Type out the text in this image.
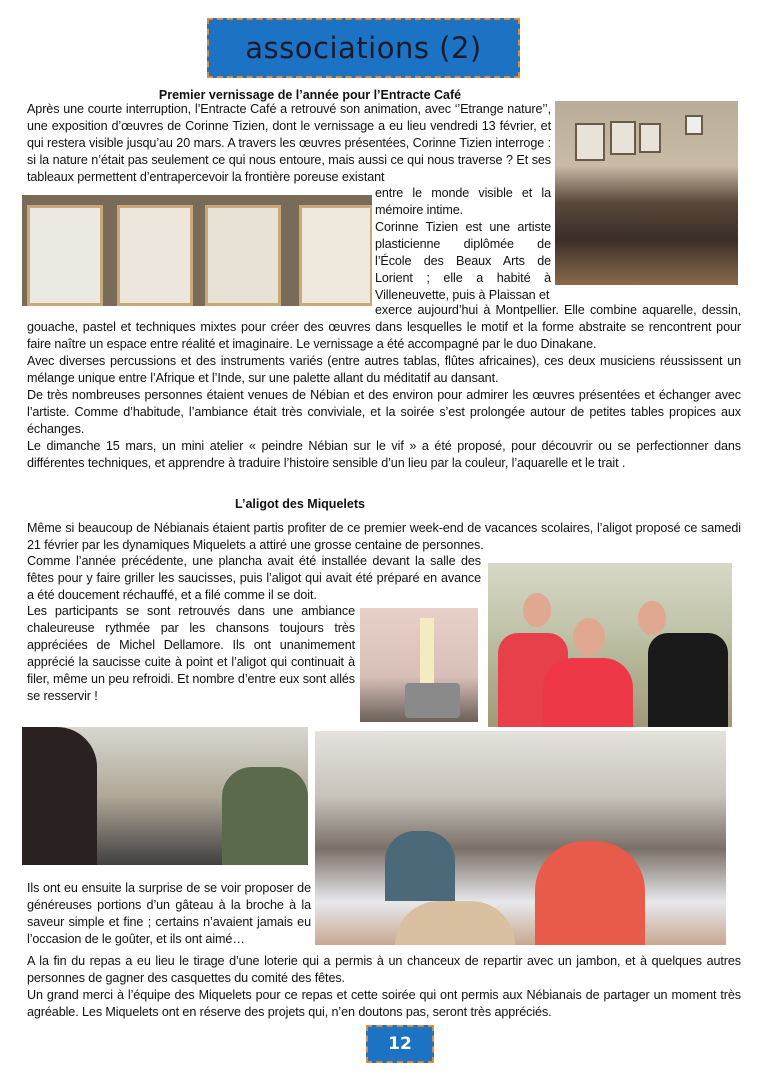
associations (2)
Premier vernissage de l’année pour l’Entracte Café
Après une courte interruption, l’Entracte Café a retrouvé son animation, avec ‘’Etrange nature’’, une exposition d’œuvres de Corinne Tizien, dont le vernissage a eu lieu vendredi 13 février, et qui restera visible jusqu’au 20 mars. A travers les œuvres présentées, Corinne Tizien interroge : si la nature n’était pas seulement ce qui nous entoure, mais aussi ce qui nous traverse ? Et ses tableaux permettent d’entrapercevoir la frontière poreuse existant

entre le monde visible et la mémoire intime.

Corinne Tizien est une artiste plasticienne diplômée de l’École des Beaux Arts de Lorient ; elle a habité à Villeneuvette, puis à Plaissan et

exerce aujourd’hui à Montpellier. Elle combine aquarelle, dessin, gouache, pastel et techniques mixtes pour créer des œuvres dans lesquelles le motif et la forme abstraite se rencontrent pour faire naître un espace entre réalité et imaginaire. Le vernissage a été accompagné par le duo Dinakane.

Avec diverses percussions et des instruments variés (entre autres tablas, flûtes africaines), ces deux musiciens réussissent un mélange unique entre l’Afrique et l’Inde, sur une palette allant du méditatif au dansant.

De très nombreuses personnes étaient venues de Nébian et des environ pour admirer les œuvres présentées et échanger avec l’artiste. Comme d’habitude, l’ambiance était très conviviale, et la soirée s’est prolongée autour de petites tables propices aux échanges.

Le dimanche 15 mars, un mini atelier « peindre Nébian sur le vif » a été proposé, pour découvrir ou se perfectionner dans différentes techniques, et apprendre à traduire l’histoire sensible d’un lieu par la couleur, l’aquarelle et le trait .

L’aligot des Miquelets
Même si beaucoup de Nébianais étaient partis profiter de ce premier week-end de vacances scolaires, l’aligot proposé ce samedi 21 février par les dynamiques Miquelets a attiré une grosse centaine de personnes.
Comme l’année précédente, une plancha avait été installée devant la salle des fêtes pour y faire griller les saucisses, puis l’aligot qui avait été préparé en avance a été doucement réchauffé, et a filé comme il se doit.
Les participants se sont retrouvés dans une ambiance chaleureuse rythmée par les chansons toujours très appréciées de Michel Dellamore. Ils ont unanimement apprécié la saucisse cuite à point et l’aligot qui continuait à filer, même un peu refroidi. Et nombre d’entre eux sont allés se resservir !
Ils ont eu ensuite la surprise de se voir proposer de généreuses portions d’un gâteau à la broche à la saveur simple et fine ; certains n’avaient jamais eu l’occasion de le goûter, et ils ont aimé…

A la fin du repas a eu lieu le tirage d’une loterie qui a permis à un chanceux de repartir avec un jambon, et à quelques autres personnes de gagner des casquettes du comité des fêtes.

Un grand merci à l’équipe des Miquelets pour ce repas et cette soirée qui ont permis aux Nébianais de partager un moment très agréable. Les Miquelets ont en réserve des projets qui, n’en doutons pas, seront très appréciés.

12
